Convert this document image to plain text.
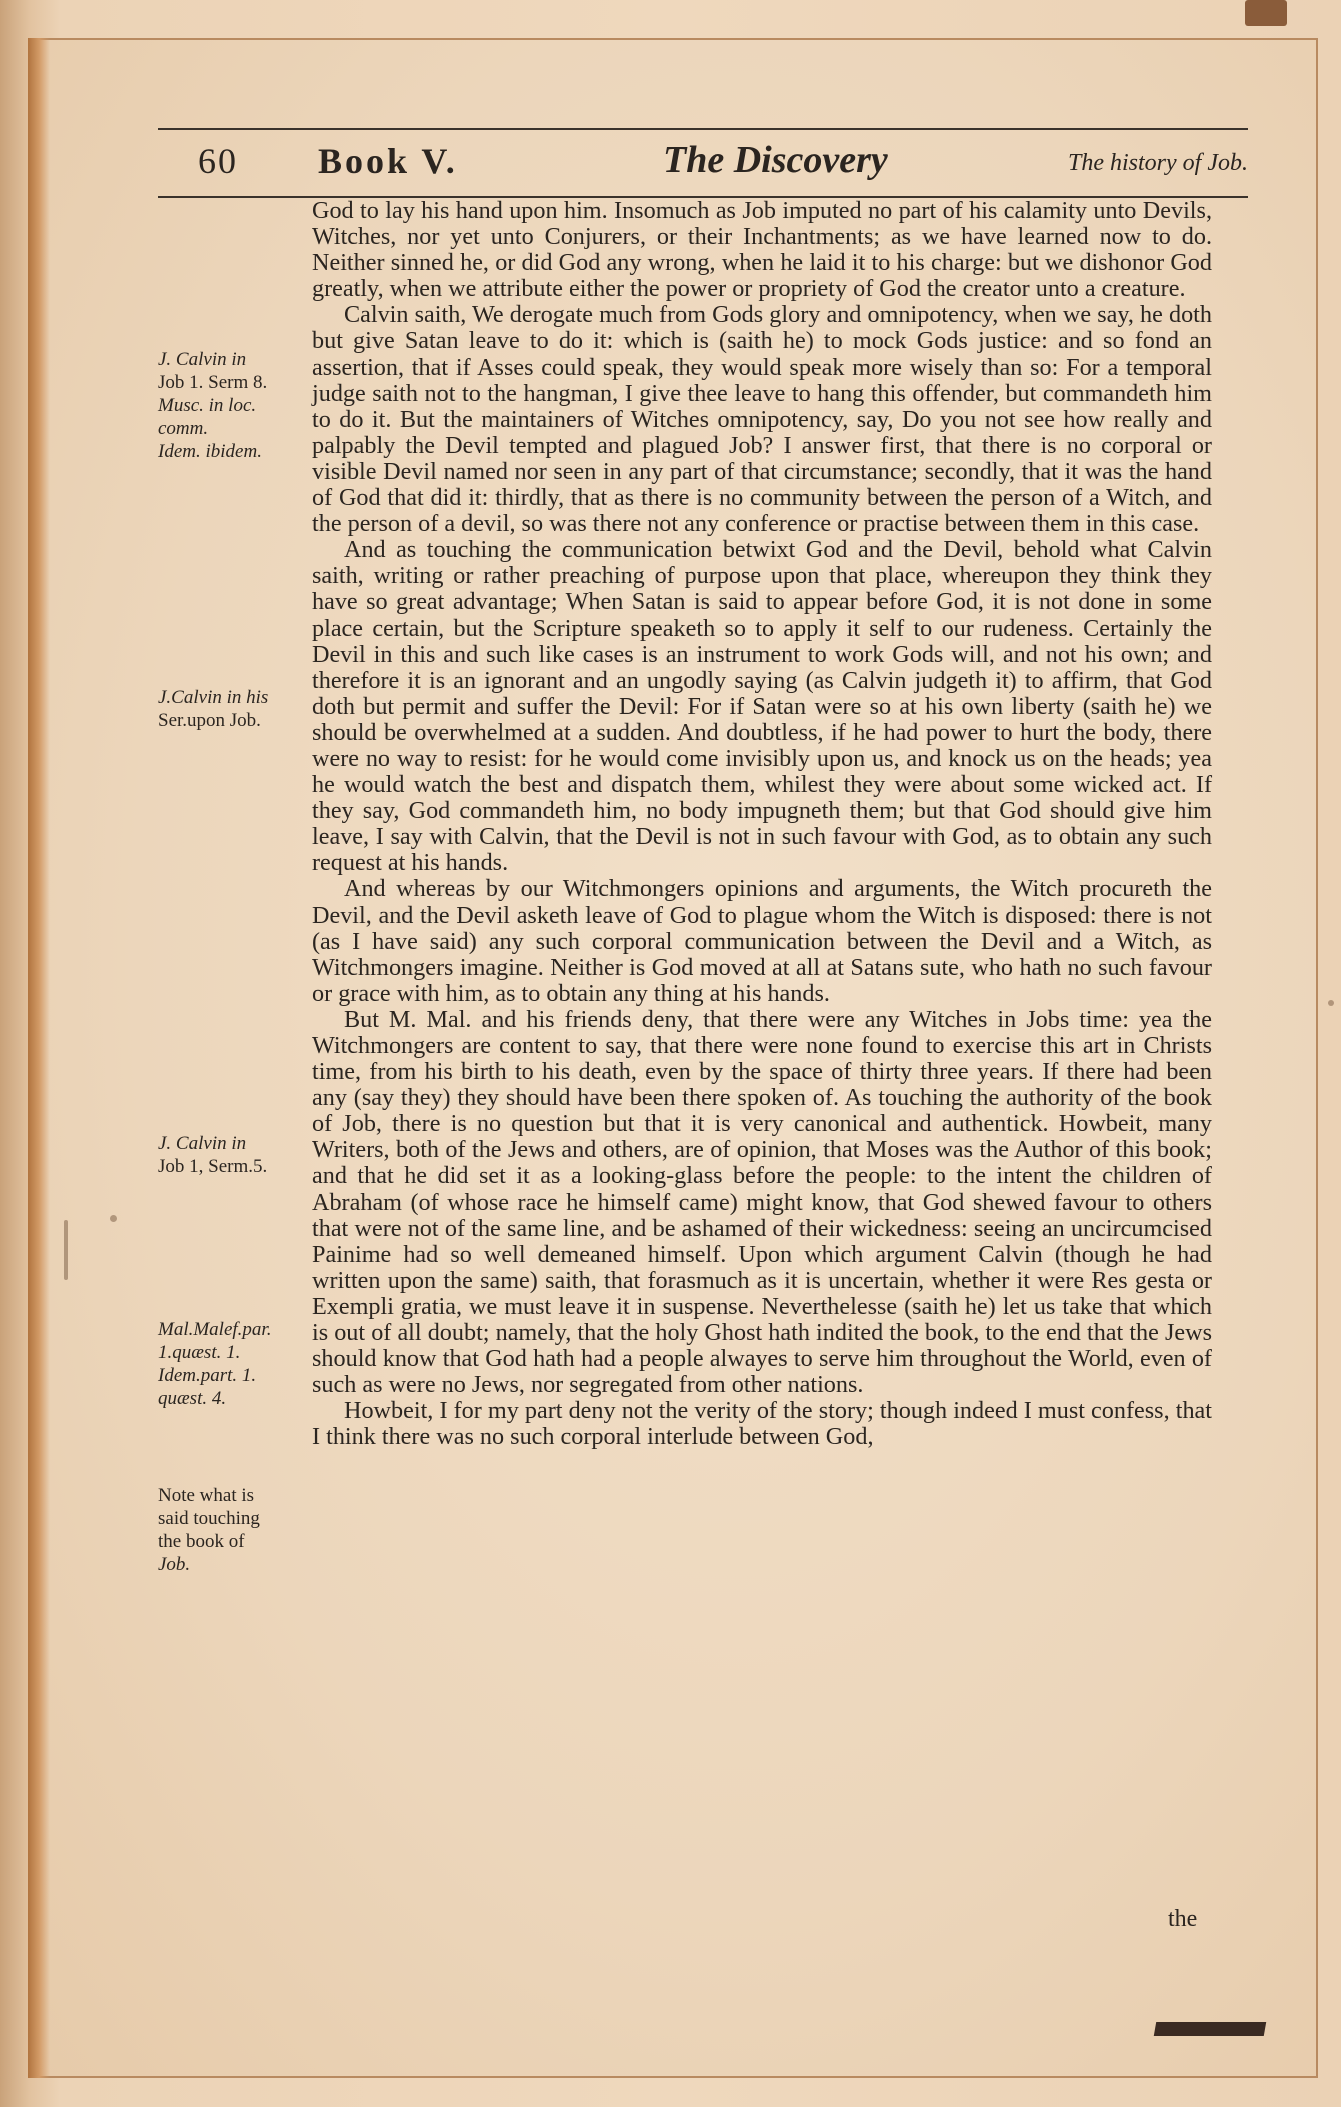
60 Book V.	The Discovery	The history of Job.
J. Calvin in
Job 1. Serm 8.
Musc. in loc.
comm.
Idem. ibidem.
J.Calvin in his
Ser.upon Job.
J. Calvin in
Job 1, Serm.5.
Mal.Malef.par.
1.quæst. 1.
Idem.part. 1.
quæst. 4.
Note what is
said touching
the book of
Job.

God to lay his hand upon him. Insomuch as Job imputed no part of his calamity unto Devils, Witches, nor yet unto Conjurers, or their Inchantments; as we have learned now to do. Neither sinned he, or did God any wrong, when he laid it to his charge: but we dishonor God greatly, when we attribute either the power or propriety of God the creator unto a creature.

Calvin saith, We derogate much from Gods glory and omnipotency, when we say, he doth but give Satan leave to do it: which is (saith he) to mock Gods justice: and so fond an assertion, that if Asses could speak, they would speak more wisely than so: For a temporal judge saith not to the hangman, I give thee leave to hang this offender, but commandeth him to do it. But the maintainers of Witches omnipotency, say, Do you not see how really and palpably the Devil tempted and plagued Job? I answer first, that there is no corporal or visible Devil named nor seen in any part of that circumstance; secondly, that it was the hand of God that did it: thirdly, that as there is no community between the person of a Witch, and the person of a devil, so was there not any conference or practise between them in this case.

And as touching the communication betwixt God and the Devil, behold what Calvin saith, writing or rather preaching of purpose upon that place, whereupon they think they have so great advantage; When Satan is said to appear before God, it is not done in some place certain, but the Scripture speaketh so to apply it self to our rudeness. Certainly the Devil in this and such like cases is an instrument to work Gods will, and not his own; and therefore it is an ignorant and an ungodly saying (as Calvin judgeth it) to affirm, that God doth but permit and suffer the Devil: For if Satan were so at his own liberty (saith he) we should be overwhelmed at a sudden. And doubtless, if he had power to hurt the body, there were no way to resist: for he would come invisibly upon us, and knock us on the heads; yea he would watch the best and dispatch them, whilest they were about some wicked act. If they say, God commandeth him, no body impugneth them; but that God should give him leave, I say with Calvin, that the Devil is not in such favour with God, as to obtain any such request at his hands.

And whereas by our Witchmongers opinions and arguments, the Witch procureth the Devil, and the Devil asketh leave of God to plague whom the Witch is disposed: there is not (as I have said) any such corporal communication between the Devil and a Witch, as Witchmongers imagine. Neither is God moved at all at Satans sute, who hath no such favour or grace with him, as to obtain any thing at his hands.

But M. Mal. and his friends deny, that there were any Witches in Jobs time: yea the Witchmongers are content to say, that there were none found to exercise this art in Christs time, from his birth to his death, even by the space of thirty three years. If there had been any (say they) they should have been there spoken of. As touching the authority of the book of Job, there is no question but that it is very canonical and authentick. Howbeit, many Writers, both of the Jews and others, are of opinion, that Moses was the Author of this book; and that he did set it as a looking-glass before the people: to the intent the children of Abraham (of whose race he himself came) might know, that God shewed favour to others that were not of the same line, and be ashamed of their wickedness: seeing an uncircumcised Painime had so well demeaned himself. Upon which argument Calvin (though he had written upon the same) saith, that forasmuch as it is uncertain, whether it were Res gesta or Exempli gratia, we must leave it in suspense. Neverthelesse (saith he) let us take that which is out of all doubt; namely, that the holy Ghost hath indited the book, to the end that the Jews should know that God hath had a people alwayes to serve him throughout the World, even of such as were no Jews, nor segregated from other nations.

Howbeit, I for my part deny not the verity of the story; though indeed I must confess, that I think there was no such corporal interlude between God,

the
